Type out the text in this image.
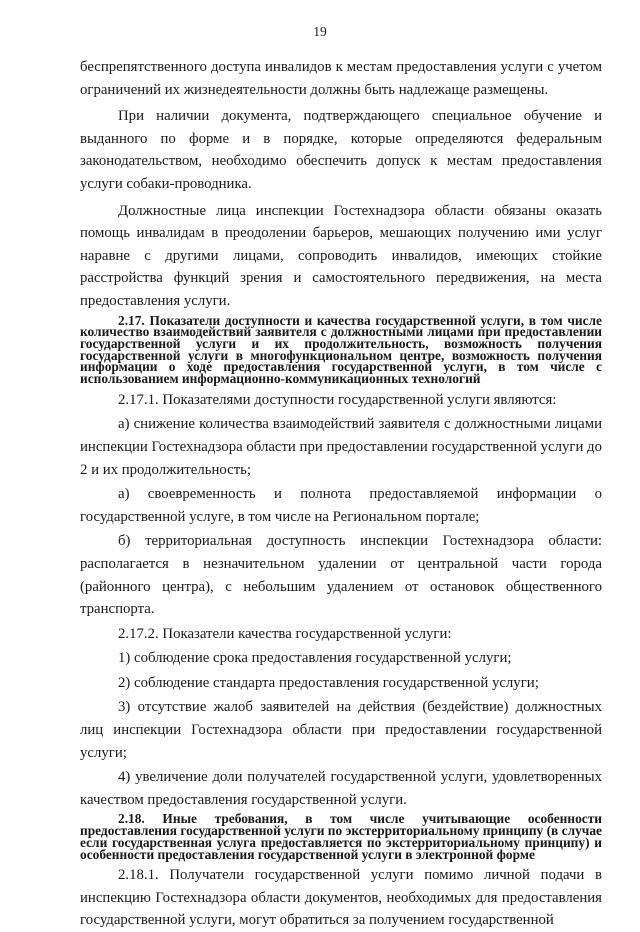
19

беспрепятственного доступа инвалидов к местам предоставления услуги с учетом ограничений их жизнедеятельности должны быть надлежаще размещены.

При наличии документа, подтверждающего специальное обучение и выданного по форме и в порядке, которые определяются федеральным законодательством, необходимо обеспечить допуск к местам предоставления услуги собаки-проводника.

Должностные лица инспекции Гостехнадзора области обязаны оказать помощь инвалидам в преодолении барьеров, мешающих получению ими услуг наравне с другими лицами, сопроводить инвалидов, имеющих стойкие расстройства функций зрения и самостоятельного передвижения, на места предоставления услуги.

2.17. Показатели доступности и качества государственной услуги, в том числе количество взаимодействий заявителя с должностными лицами при предоставлении государственной услуги и их продолжительность, возможность получения государственной услуги в многофункциональном центре, возможность получения информации о ходе предоставления государственной услуги, в том числе с использованием информационно-коммуникационных технологий

2.17.1. Показателями доступности государственной услуги являются:

а) снижение количества взаимодействий заявителя с должностными лицами инспекции Гостехнадзора области при предоставлении государственной услуги до 2 и их продолжительность;

а) своевременность и полнота предоставляемой информации о государственной услуге, в том числе на Региональном портале;

б) территориальная доступность инспекции Гостехнадзора области: располагается в незначительном удалении от центральной части города (районного центра), с небольшим удалением от остановок общественного транспорта.

2.17.2. Показатели качества государственной услуги:

1) соблюдение срока предоставления государственной услуги;

2) соблюдение стандарта предоставления государственной услуги;

3) отсутствие жалоб заявителей на действия (бездействие) должностных лиц инспекции Гостехнадзора области при предоставлении государственной услуги;

4) увеличение доли получателей государственной услуги, удовлетворенных качеством предоставления государственной услуги.

2.18. Иные требования, в том числе учитывающие особенности предоставления государственной услуги по экстерриториальному принципу (в случае если государственная услуга предоставляется по экстерриториальному принципу) и особенности предоставления государственной услуги в электронной форме

2.18.1. Получатели государственной услуги помимо личной подачи в инспекцию Гостехнадзора области документов, необходимых для предоставления государственной услуги, могут обратиться за получением государственной
